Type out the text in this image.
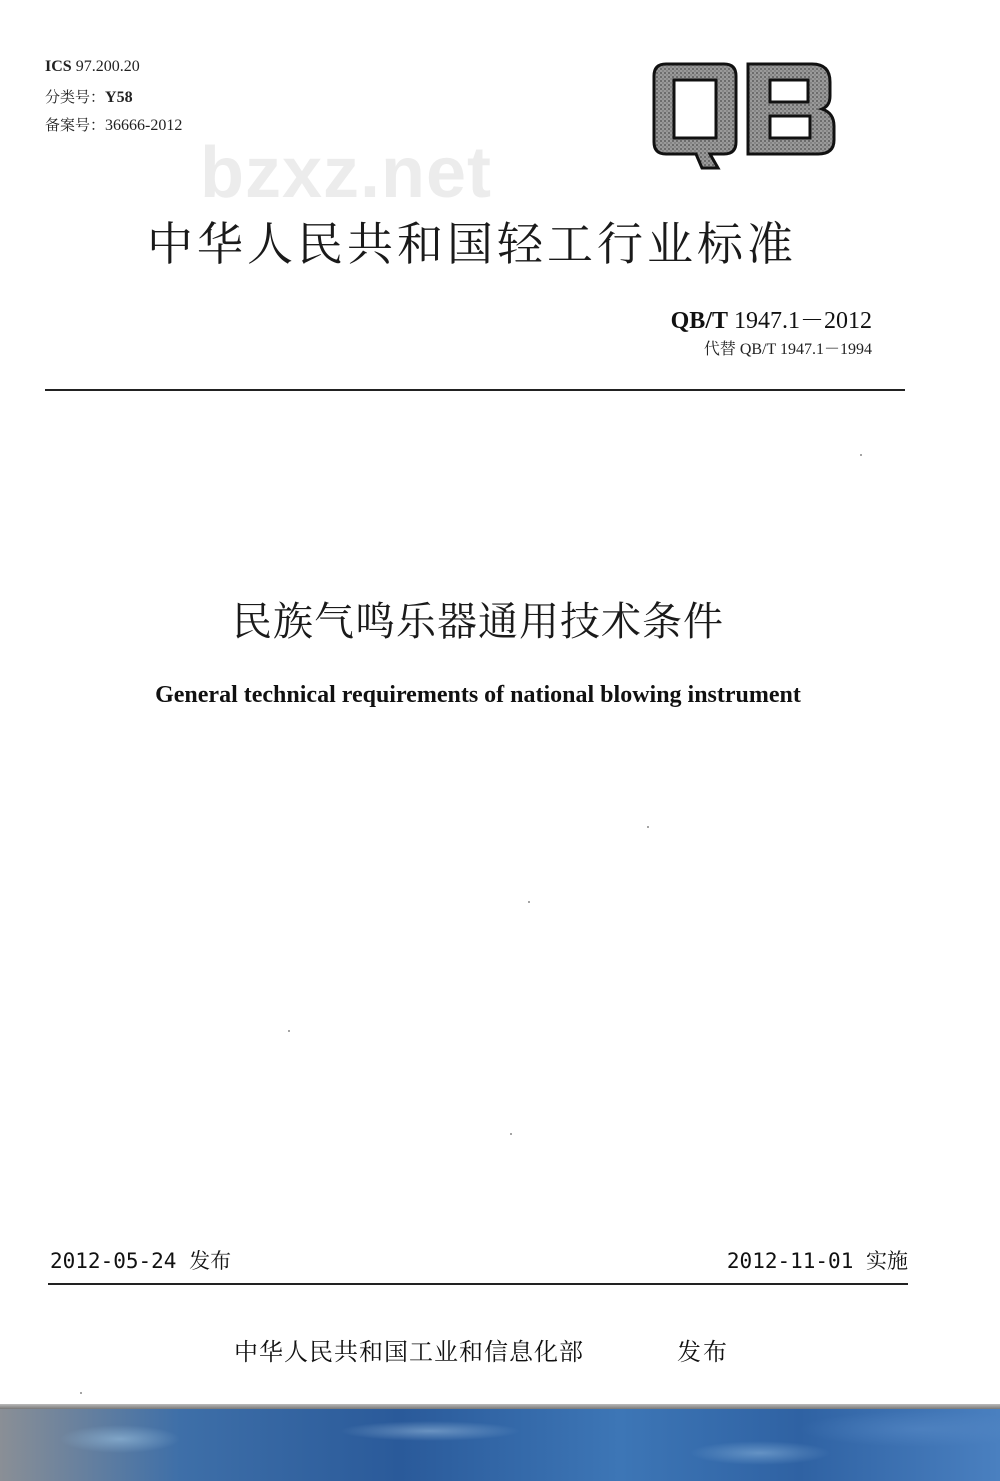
ICS 97.200.20
分类号：Y58
备案号：36666-2012
QB
bzxz.net
中华人民共和国轻工行业标准
QB/T 1947.1－2012
代替 QB/T 1947.1－1994
民族气鸣乐器通用技术条件
General technical requirements of national blowing instrument
2012-05-24 发布	2012-11-01 实施
中华人民共和国工业和信息化部	发布
